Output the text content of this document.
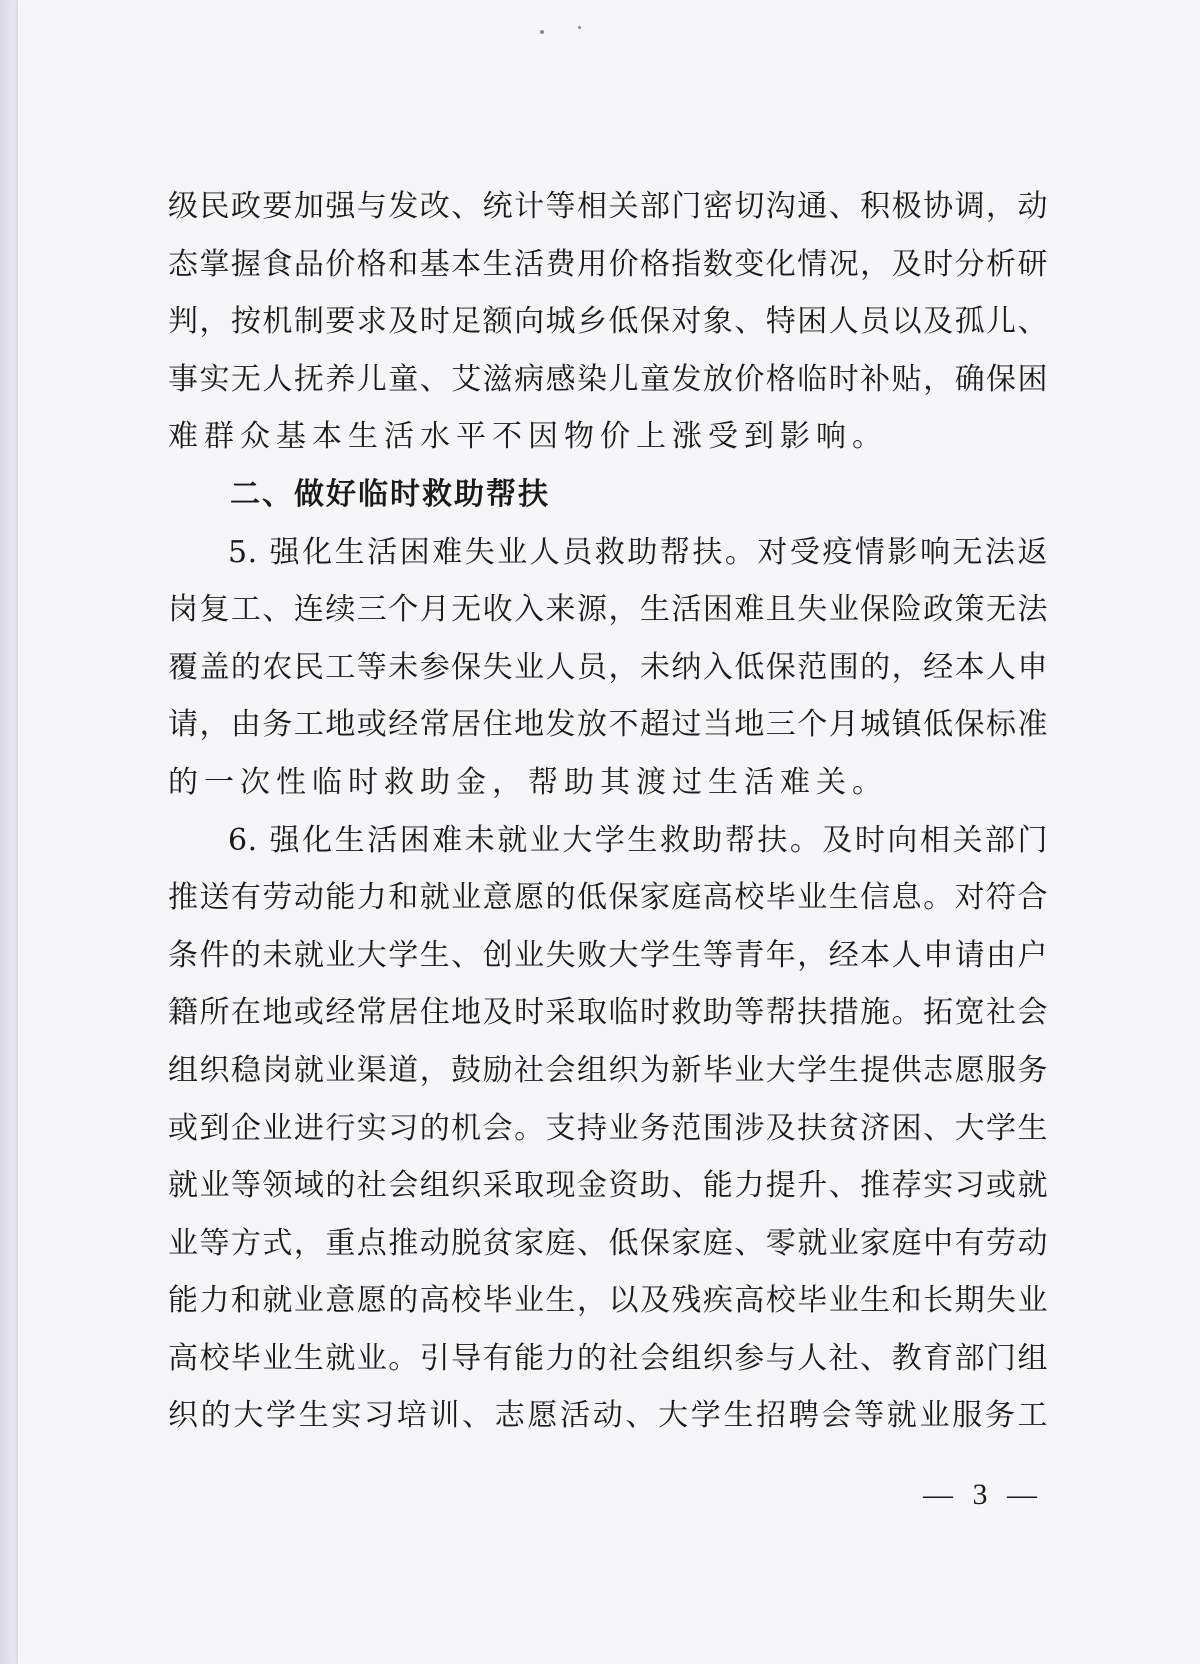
级民政要加强与发改、统计等相关部门密切沟通、积极协调，动
态掌握食品价格和基本生活费用价格指数变化情况，及时分析研
判，按机制要求及时足额向城乡低保对象、特困人员以及孤儿、
事实无人抚养儿童、艾滋病感染儿童发放价格临时补贴，确保困
难群众基本生活水平不因物价上涨受到影响。
二、做好临时救助帮扶
5. 强化生活困难失业人员救助帮扶。对受疫情影响无法返
岗复工、连续三个月无收入来源，生活困难且失业保险政策无法
覆盖的农民工等未参保失业人员，未纳入低保范围的，经本人申
请，由务工地或经常居住地发放不超过当地三个月城镇低保标准
的一次性临时救助金，帮助其渡过生活难关。
6. 强化生活困难未就业大学生救助帮扶。及时向相关部门
推送有劳动能力和就业意愿的低保家庭高校毕业生信息。对符合
条件的未就业大学生、创业失败大学生等青年，经本人申请由户
籍所在地或经常居住地及时采取临时救助等帮扶措施。拓宽社会
组织稳岗就业渠道，鼓励社会组织为新毕业大学生提供志愿服务
或到企业进行实习的机会。支持业务范围涉及扶贫济困、大学生
就业等领域的社会组织采取现金资助、能力提升、推荐实习或就
业等方式，重点推动脱贫家庭、低保家庭、零就业家庭中有劳动
能力和就业意愿的高校毕业生，以及残疾高校毕业生和长期失业
高校毕业生就业。引导有能力的社会组织参与人社、教育部门组
织的大学生实习培训、志愿活动、大学生招聘会等就业服务工
— 3 —
